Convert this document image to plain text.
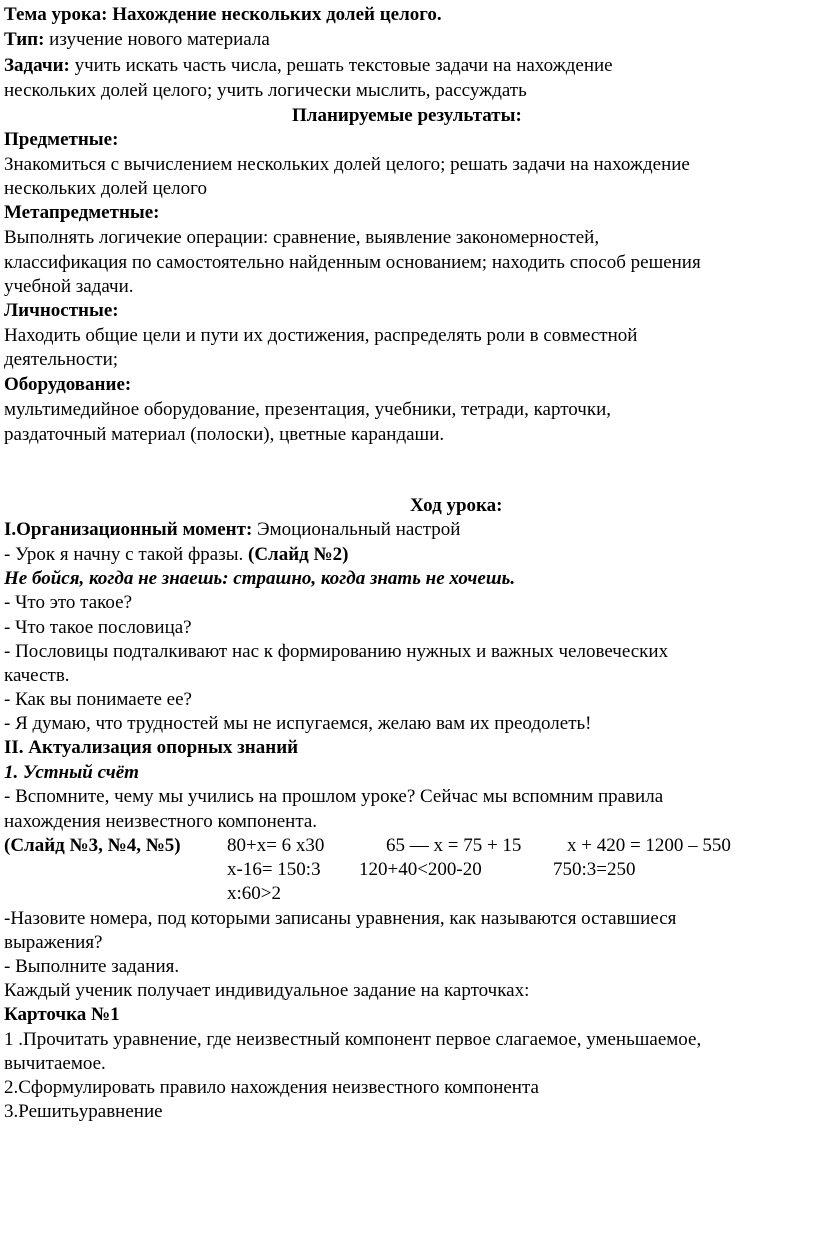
Тема урока: Нахождение нескольких долей целого.
Тип: изучение нового материала
Задачи: учить искать часть числа, решать текстовые задачи на нахождение
нескольких долей целого; учить логически мыслить, рассуждать
Планируемые результаты:
Предметные:
Знакомиться с вычислением нескольких долей целого; решать задачи на нахождение
нескольких долей целого
Метапредметные:
Выполнять логичекие операции: сравнение, выявление закономерностей,
классификация по самостоятельно найденным основанием; находить способ решения
учебной задачи.
Личностные:
Находить общие цели и пути их достижения, распределять роли в совместной
деятельности;
Оборудование:
мультимедийное оборудование, презентация, учебники, тетради, карточки,
раздаточный материал (полоски), цветные карандаши.
Ход урока:
I.Организационный момент: Эмоциональный настрой
- Урок я начну с такой фразы. (Слайд №2)
Не бойся, когда не знаешь: страшно, когда знать не хочешь.
- Что это такое?
- Что такое пословица?
- Пословицы подталкивают нас к формированию нужных и важных человеческих
качеств.
- Как вы понимаете ее?
- Я думаю, что трудностей мы не испугаемся, желаю вам их преодолеть!
II. Актуализация опорных знаний
1. Устный счёт
- Вспомните, чему мы учились на прошлом уроке? Сейчас мы вспомним правила
нахождения неизвестного компонента.
(Слайд №3, №4, №5) 80+х= 6 х30	65 — х = 75 + 15 х + 420 = 1200 – 550
х-16= 150:3 120+40<200-20	750:3=250
х:60>2
-Назовите номера, под которыми записаны уравнения, как называются оставшиеся
выражения?
- Выполните задания.
Каждый ученик получает индивидуальное задание на карточках:
Карточка №1
1 .Прочитать уравнение, где неизвестный компонент первое слагаемое, уменьшаемое,
вычитаемое.
2.Сформулировать правило нахождения неизвестного компонента
3.Решитьуравнение
